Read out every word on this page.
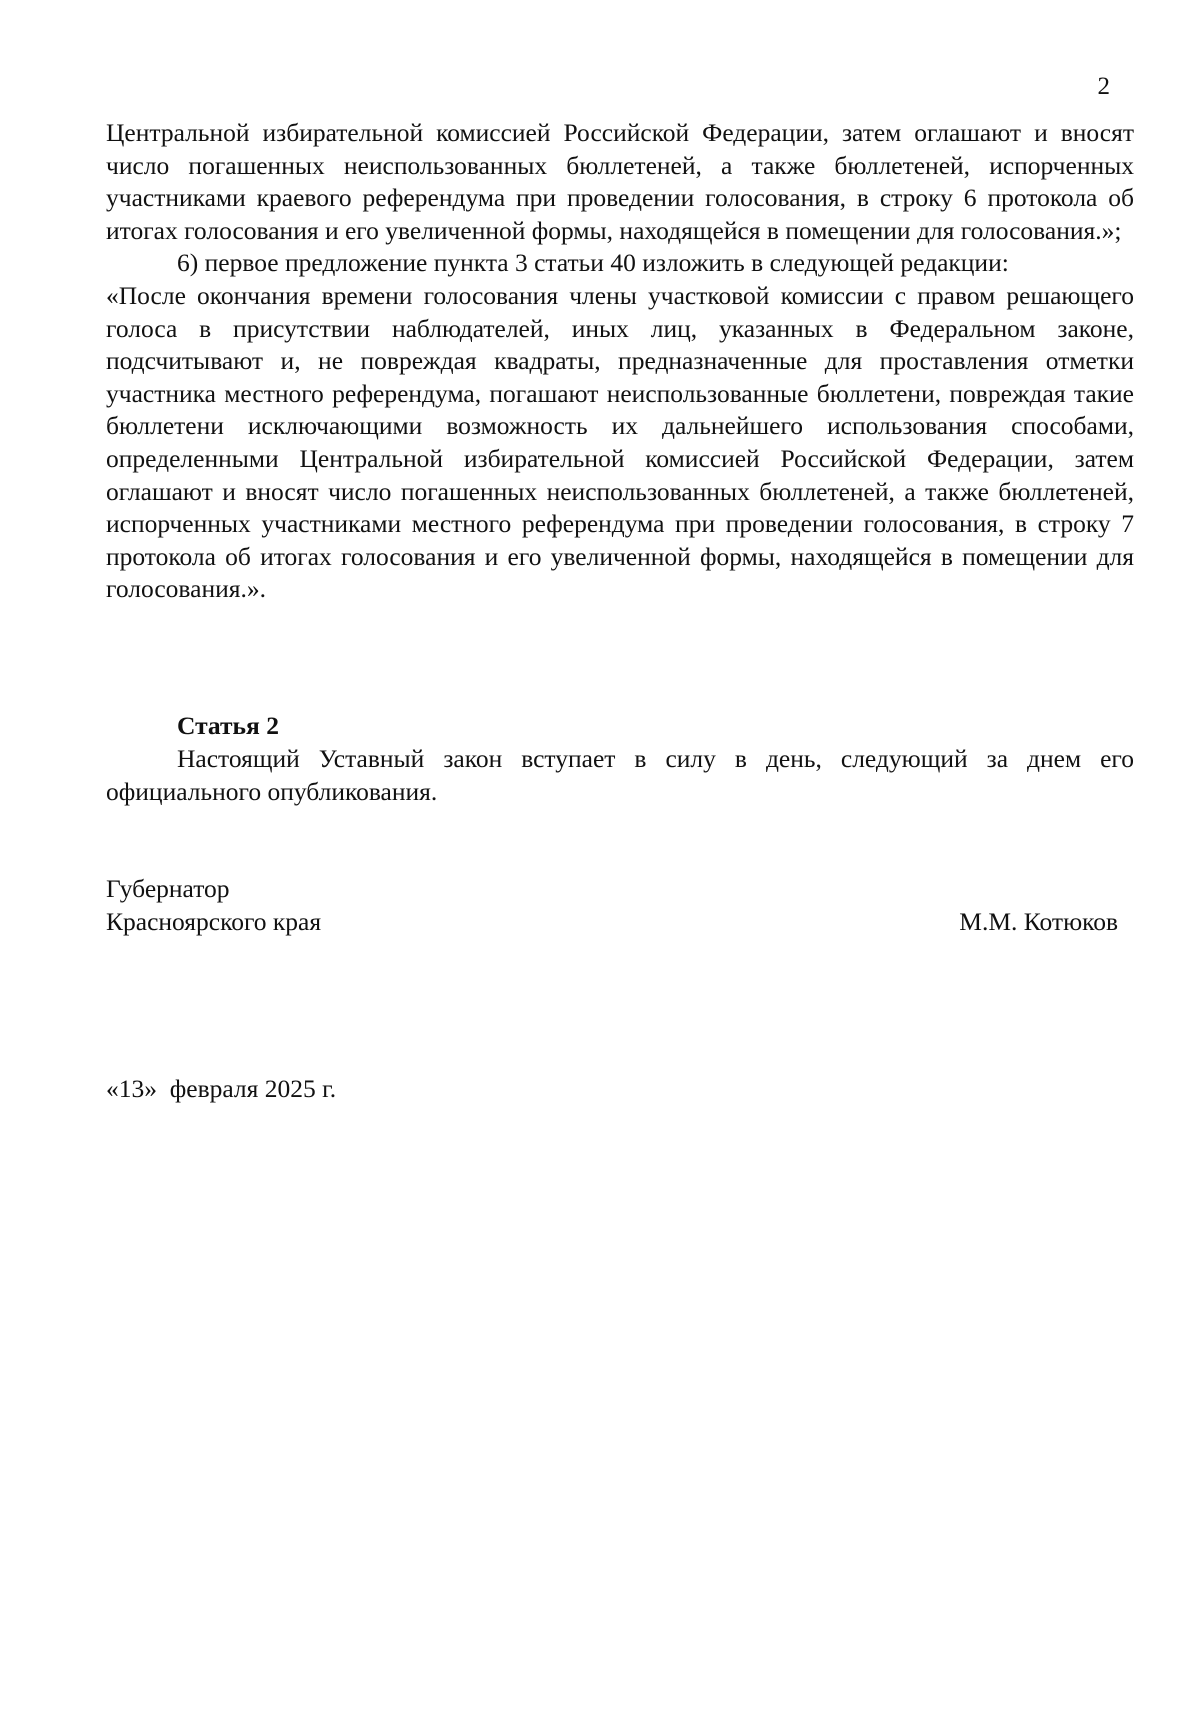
2

Центральной избирательной комиссией Российской Федерации, затем оглашают и вносят число погашенных неиспользованных бюллетеней, а также бюллетеней, испорченных участниками краевого референдума при проведении голосования, в строку 6 протокола об итогах голосования и его увеличенной формы, находящейся в помещении для голосования.»;

6) первое предложение пункта 3 статьи 40 изложить в следующей редакции:

«После окончания времени голосования члены участковой комиссии с правом решающего голоса в присутствии наблюдателей, иных лиц, указанных в Федеральном законе, подсчитывают и, не повреждая квадраты, предназначенные для проставления отметки участника местного референдума, погашают неиспользованные бюллетени, повреждая такие бюллетени исключающими возможность их дальнейшего использования способами, определенными Центральной избирательной комиссией Российской Федерации, затем оглашают и вносят число погашенных неиспользованных бюллетеней, а также бюллетеней, испорченных участниками местного референдума при проведении голосования, в строку 7 протокола об итогах голосования и его увеличенной формы, находящейся в помещении для голосования.».

Статья 2

Настоящий Уставный закон вступает в силу в день, следующий за днем его официального опубликования.

Губернатор
Красноярского края	М.М. Котюков
«13»  февраля 2025 г.
